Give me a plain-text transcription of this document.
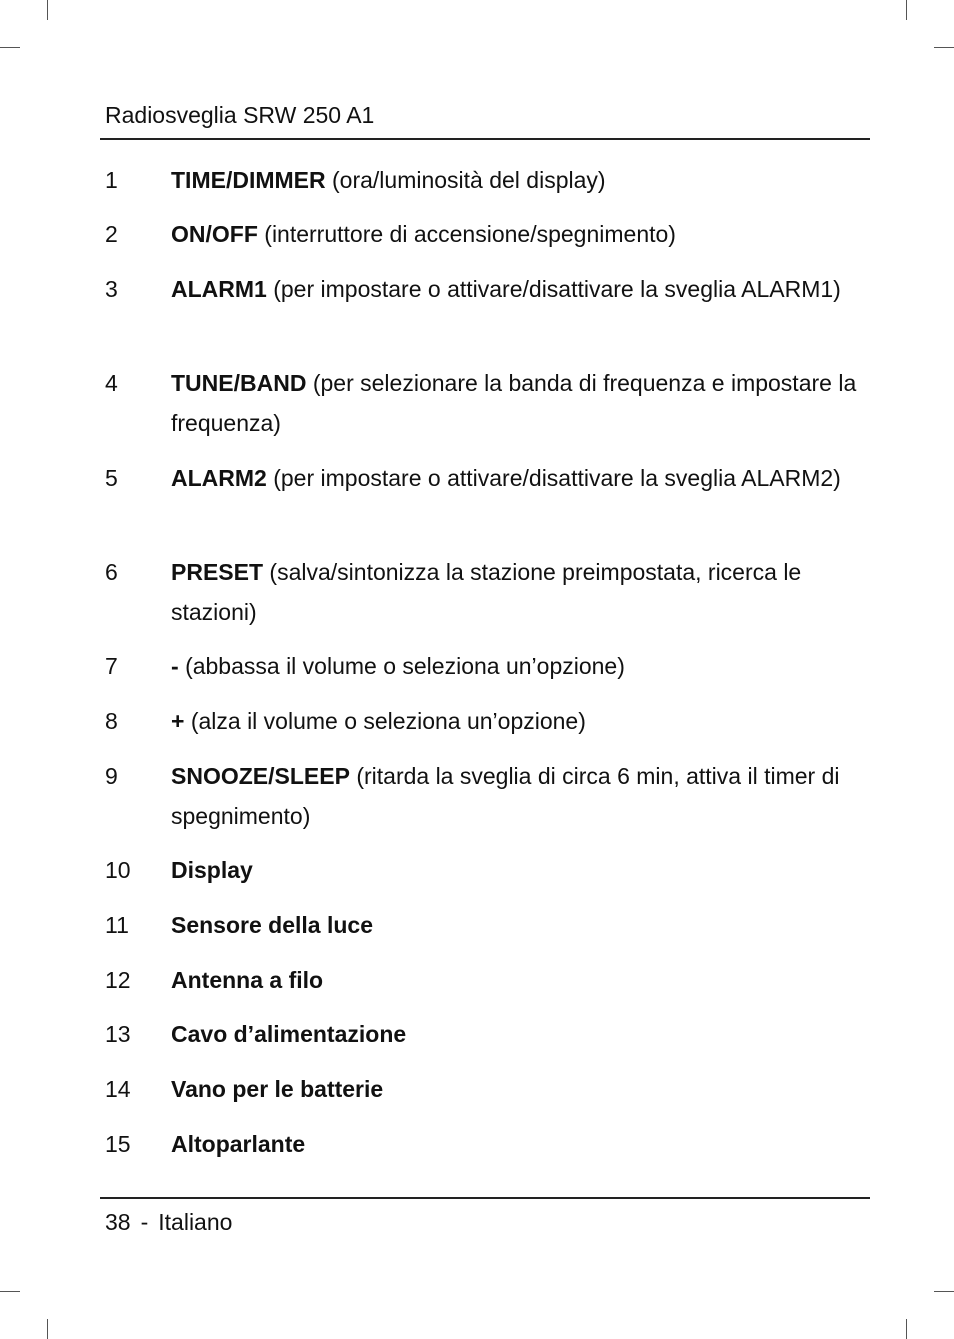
Radiosveglia SRW 250 A1
1 TIME/DIMMER (ora/luminosità del display)
2 ON/OFF (interruttore di accensione/spegnimento)
3 ALARM1 (per impostare o attivare/disattivare la sveglia ALARM1)
4 TUNE/BAND (per selezionare la banda di frequenza e impostare la frequenza)
5 ALARM2 (per impostare o attivare/disattivare la sveglia ALARM2)
6 PRESET (salva/sintonizza la stazione preimpostata, ricerca le stazioni)
7 - (abbassa il volume o seleziona un’opzione)
8 + (alza il volume o seleziona un’opzione)
9 SNOOZE/SLEEP (ritarda la sveglia di circa 6 min, attiva il timer di spegnimento)
10 Display
11 Sensore della luce
12 Antenna a filo
13 Cavo d’alimentazione
14 Vano per le batterie
15 Altoparlante
38 - Italiano
